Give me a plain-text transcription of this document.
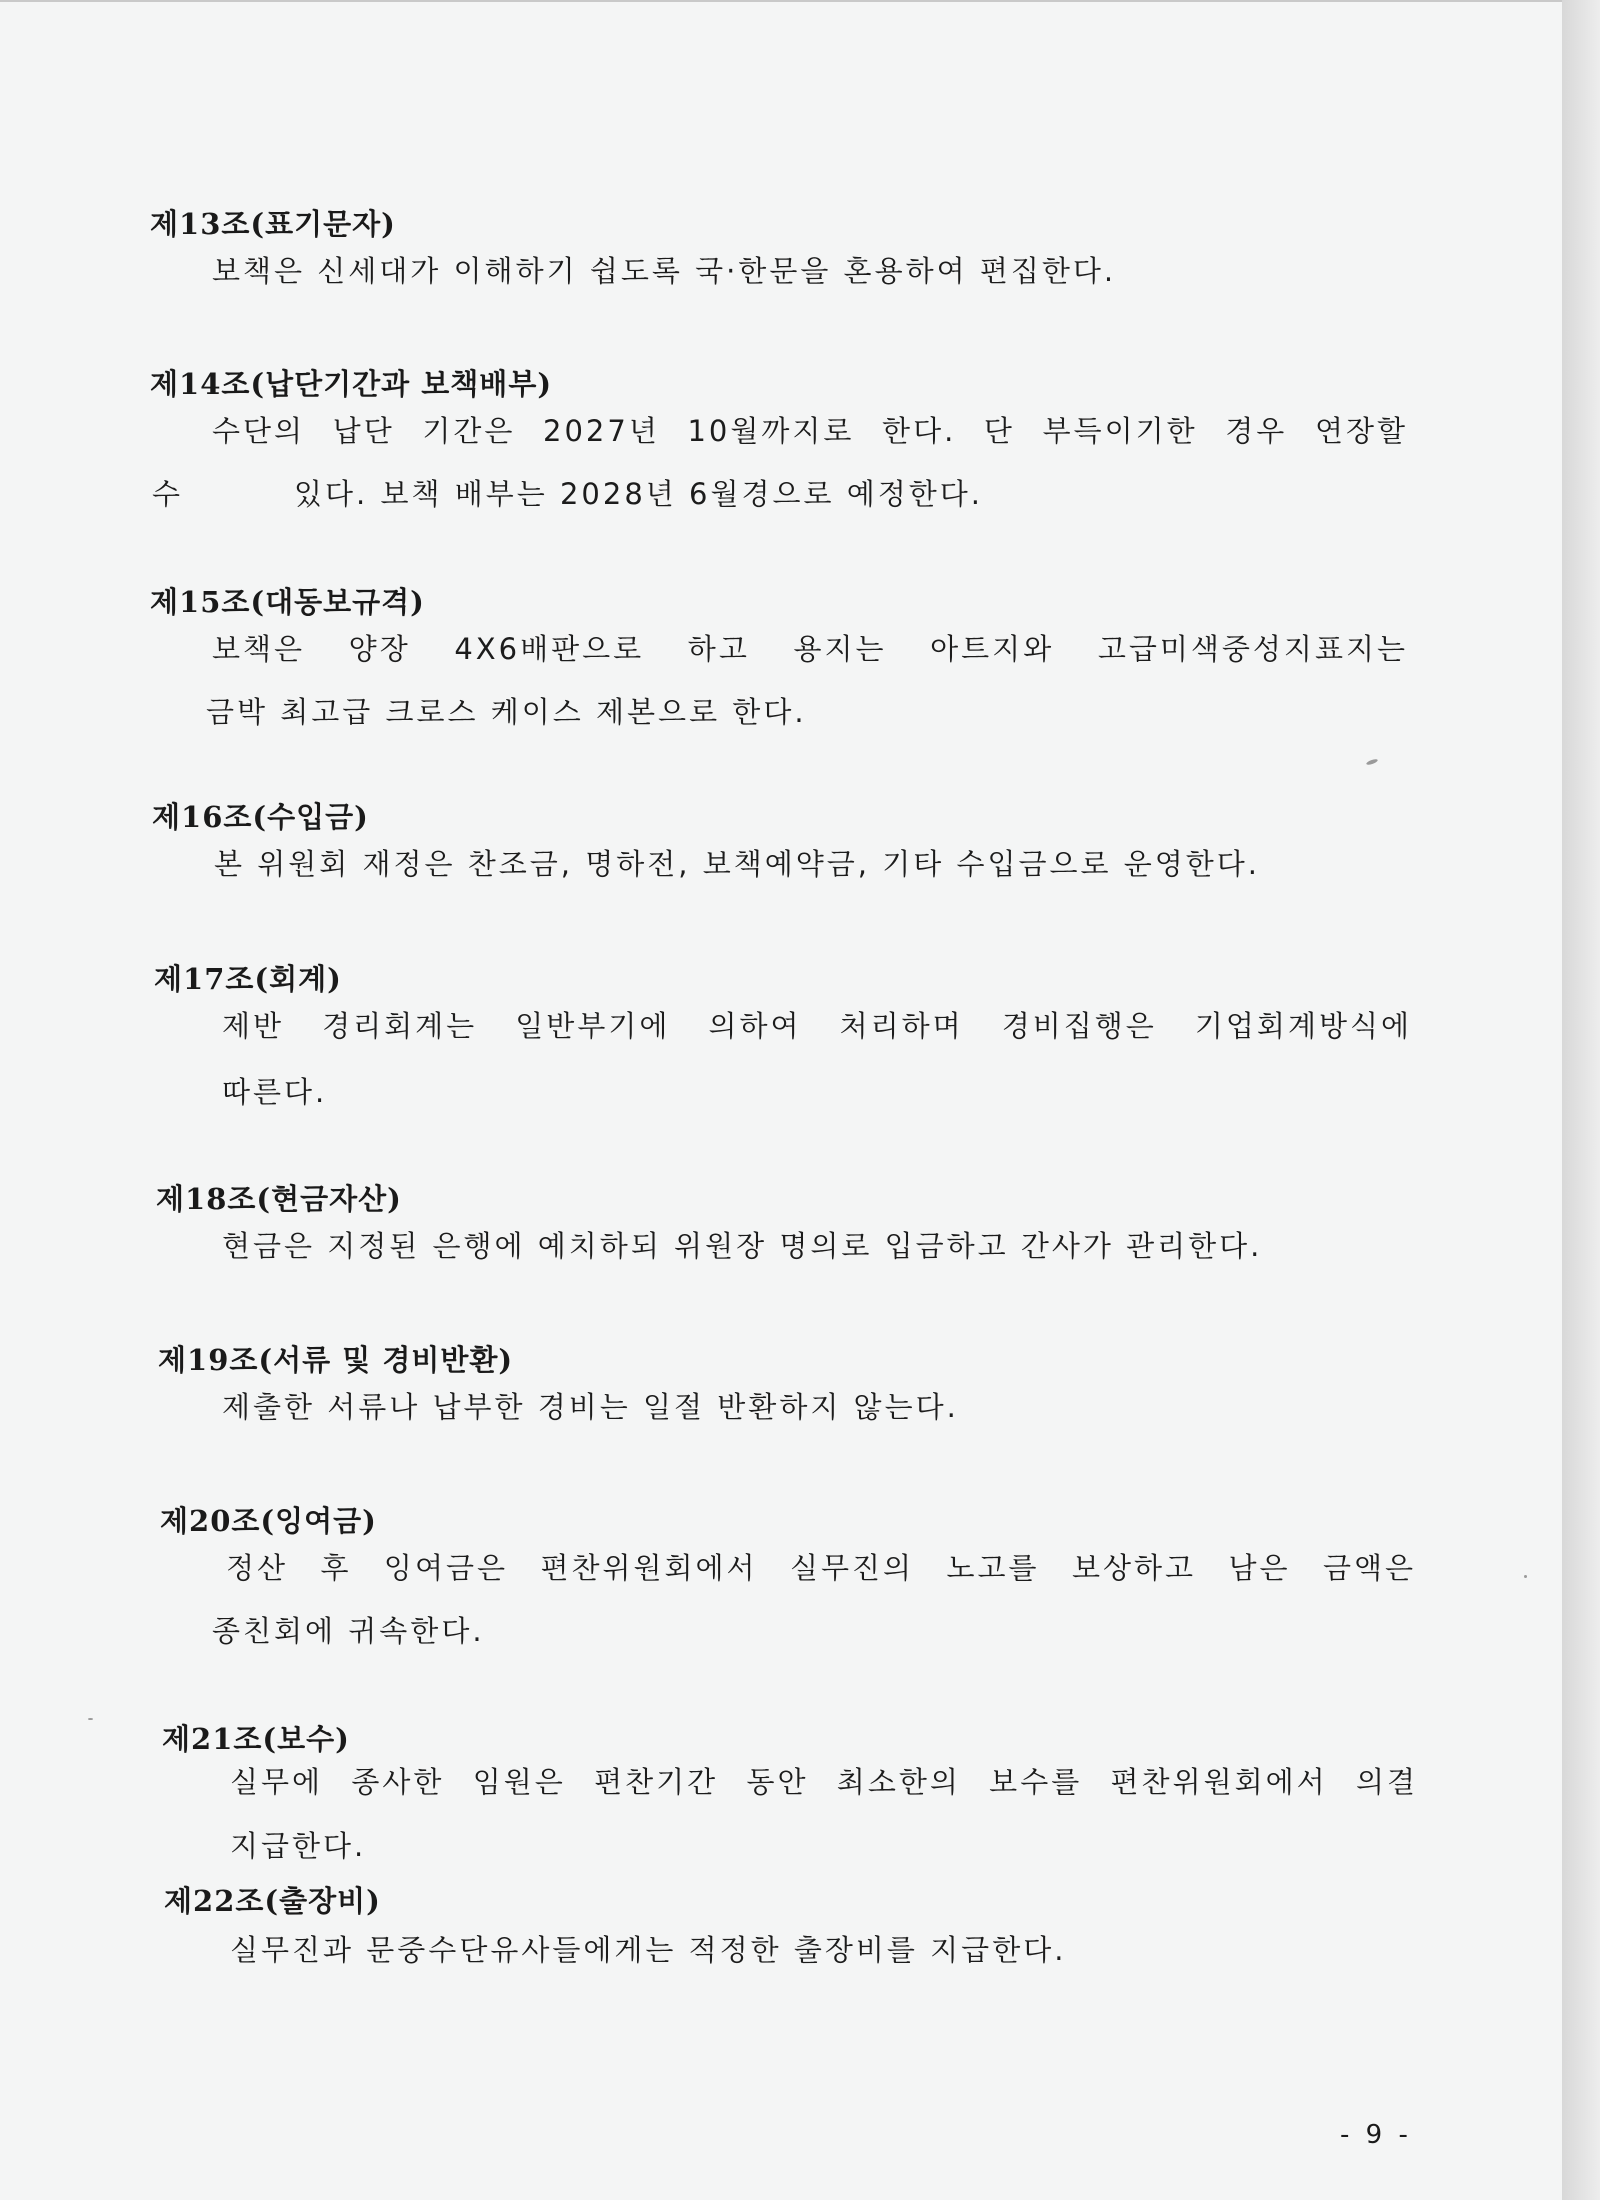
제13조(표기문자)
보책은 신세대가 이해하기 쉽도록 국·한문을 혼용하여 편집한다.
제14조(납단기간과 보책배부)
수단의 납단 기간은 2027년 10월까지로 한다. 단 부득이기한 경우 연장할
수	있다. 보책 배부는 2028년 6월경으로 예정한다.
제15조(대동보규격)
보책은 양장 4X6배판으로 하고 용지는 아트지와 고급미색중성지표지는
금박 최고급 크로스 케이스 제본으로 한다.
제16조(수입금)
본 위원회 재정은 찬조금, 명하전, 보책예약금, 기타 수입금으로 운영한다.
제17조(회계)
제반 경리회계는 일반부기에 의하여 처리하며 경비집행은 기업회계방식에
따른다.
제18조(현금자산)
현금은 지정된 은행에 예치하되 위원장 명의로 입금하고 간사가 관리한다.
제19조(서류 및 경비반환)
제출한 서류나 납부한 경비는 일절 반환하지 않는다.
제20조(잉여금)
정산 후 잉여금은 편찬위원회에서 실무진의 노고를 보상하고 남은 금액은
종친회에 귀속한다.
제21조(보수)
실무에 종사한 임원은 편찬기간 동안 최소한의 보수를 편찬위원회에서 의결
지급한다.
제22조(출장비)
실무진과 문중수단유사들에게는 적정한 출장비를 지급한다.
- 9 -
